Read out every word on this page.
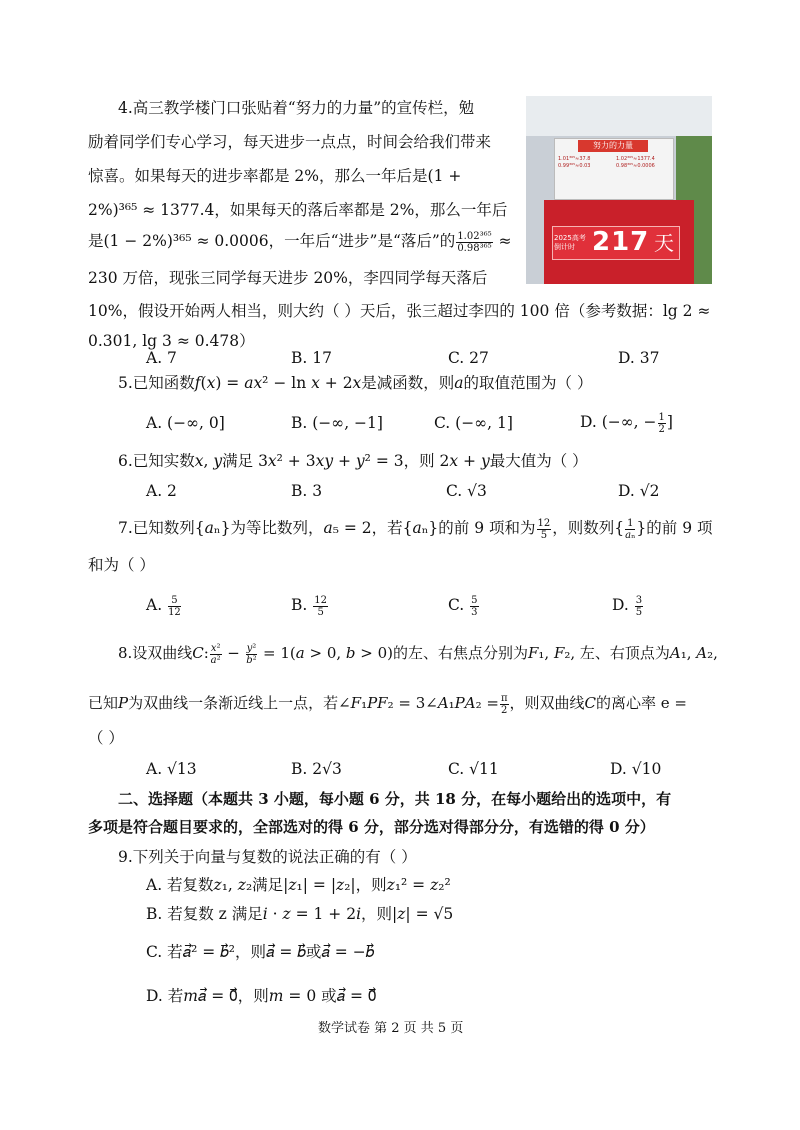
4.高三教学楼门口张贴着“努力的力量”的宣传栏，勉
励着同学们专心学习，每天进步一点点，时间会给我们带来
惊喜。如果每天的进步率都是 2%，那么一年后是(1 +
2%)³⁶⁵ ≈ 1377.4，如果每天的落后率都是 2%，那么一年后
是(1 − 2%)³⁶⁵ ≈ 0.0006，一年后“进步”是“落后”的 $\frac{\text{1.02³⁶⁵}}{\text{0.98³⁶⁵}}$ ≈
230 万倍，现张三同学每天进步 20%，李四同学每天落后
10%，假设开始两人相当，则大约（ ）天后，张三超过李四的 100 倍（参考数据：lg 2 ≈
0.301, lg 3 ≈ 0.478）
A. 7	B. 17	C. 27	D. 37
努力的力量
1.01³⁶⁵≈37.8 0.99³⁶⁵≈0.03
1.02³⁶⁵≈1377.4 0.98³⁶⁵≈0.0006
2025高考 倒计时 217 天
5.已知函数𝑓(𝑥) = 𝑎𝑥² − ln 𝑥 + 2𝑥是减函数，则𝑎的取值范围为（ ）
A. (−∞, 0]	B. (−∞, −1]	C. (−∞, 1]	D. (−∞, − $\frac{1}{2}$ ]
6.已知实数𝑥, 𝑦满足 3𝑥² + 3𝑥𝑦 + 𝑦² = 3，则 2𝑥 + 𝑦最大值为（ ）
A. 2	B. 3	C. √3	D. √2
7.已知数列{𝑎ₙ}为等比数列，𝑎₅ = 2，若{𝑎ₙ}的前 9 项和为 $\frac{12}{5}$ ，则数列{ $\frac{1}{\text{𝑎ₙ}}$ }的前 9 项
和为（ ）
A. $\frac{5}{12}$	B. $\frac{12}{5}$	C. $\frac{5}{3}$	D. $\frac{3}{5}$
8.设双曲线𝐶: $\frac{\text{𝑥²}}{\text{𝑎²}} - \frac{\text{𝑦²}}{\text{𝑏²}}$ = 1(𝑎 > 0, 𝑏 > 0)的左、右焦点分别为𝐹₁, 𝐹₂, 左、右顶点为𝐴₁, 𝐴₂,
已知𝑃为双曲线一条渐近线上一点，若∠𝐹₁𝑃𝐹₂ = 3∠𝐴₁𝑃𝐴₂ = $\frac{\pi}{2}$ ，则双曲线𝐶的离心率 e =
（ ）
A. √13	B. 2√3	C. √11	D. √10
二、选择题（本题共 3 小题，每小题 6 分，共 18 分，在每小题给出的选项中，有
多项是符合题目要求的，全部选对的得 6 分，部分选对得部分分，有选错的得 0 分）
9.下列关于向量与复数的说法正确的有（ ）
A. 若复数𝑧₁, 𝑧₂满足|𝑧₁| = |𝑧₂|，则𝑧₁² = 𝑧₂²
B. 若复数 z 满足𝑖 · 𝑧 = 1 + 2𝑖，则|𝑧| = √5
C. 若𝑎⃗² = 𝑏⃗²，则𝑎⃗ = 𝑏⃗或𝑎⃗ = −𝑏⃗
D. 若𝑚𝑎⃗ = 0⃗，则𝑚 = 0 或𝑎⃗ = 0⃗
数学试卷 第 2 页 共 5 页
